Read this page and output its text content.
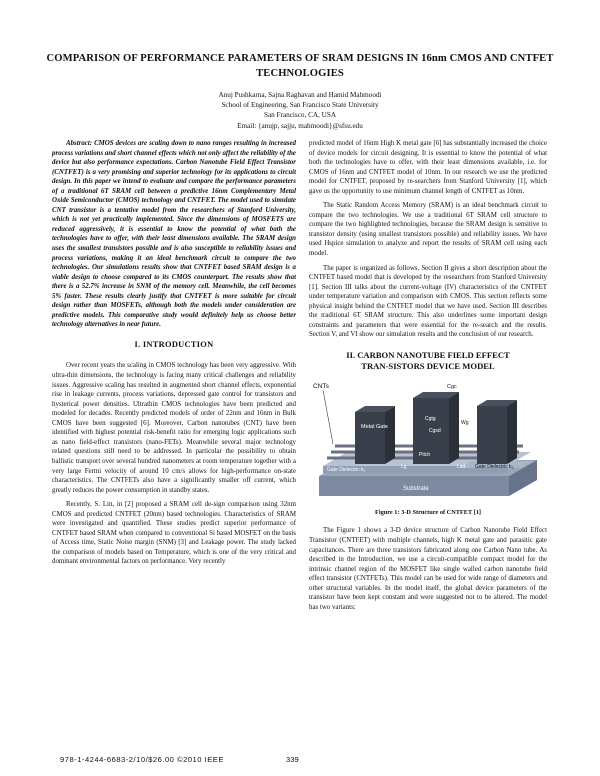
COMPARISON OF PERFORMANCE PARAMETERS OF SRAM DESIGNS IN 16nm CMOS AND CNTFET TECHNOLOGIES
Anuj Pushkarna, Sajna Raghavan and Hamid Mahmoodi
School of Engineering, San Francisco State University
San Francisco, CA, USA
Email: {anujp, sajju, mahmoodi}@sfsu.edu

Abstract: CMOS devices are scaling down to nano ranges resulting in increased process variations and short channel effects which not only affect the reliability of the device but also performance expectations. Carbon Nanotube Field Effect Transistor (CNTFET) is a very promising and superior technology for its applications to circuit design. In this paper we intend to evaluate and compare the performance parameters of a traditional 6T SRAM cell between a predictive 16nm Complementary Metal Oxide Semiconductor (CMOS) technology and CNTFET. The model used to simulate CNT transistor is a tentative model from the researchers of Stanford University, which is not yet practically implemented. Since the dimensions of MOSFETS are reduced aggressively, it is essential to know the potential of what both the technologies have to offer, with their least dimensions available. The SRAM design uses the smallest transistors possible and is also susceptible to reliability issues and process variations, making it an ideal benchmark circuit to compare the two technologies. Our simulations results show that CNTFET based SRAM design is a viable design to choose compared to its CMOS counterpart. The results show that there is a 52.7% increase in SNM of the memory cell. Meanwhile, the cell becomes 5% faster. These results clearly justify that CNTFET is more suitable for circuit design rather than MOSFETs, although both the models under consideration are predictive models. This comparative study would definitely help us choose better technology alternatives in near future.

I. INTRODUCTION

Over recent years the scaling in CMOS technology has been very aggressive. With ultra-thin dimensions, the technology is facing many critical challenges and reliability issues. Aggressive scaling has resulted in augmented short channel effects, exponential rise in leakage currents, process variations, depressed gate control for transistors and hysterical power densities. Ultrathin CMOS technologies have been predicted and modeled for decades. Recently predicted models of order of 22nm and 16nm in Bulk CMOS have been suggested [6]. Moreover, Carbon nanotubes (CNT) have been identified with highest potential risk-benefit ratio for emerging logic applications such as nano field-effect transistors (nano-FETs). Meanwhile several major technology related questions still need to be addressed. In particular the possibility to obtain ballistic transport over several hundred nanometers at room temperature together with a very large Fermi velocity of around 10 cm/s allows for high-performance on-state characteristics. The CNTFETs also have a significantly smaller off current, which greatly reduces the power consumption in standby states.

Recently, S. Lin, in [2] proposed a SRAM cell de-sign comparison using 32nm CMOS and predicted CNTFET (20nm) based technologies. Characteristics of SRAM were investigated and quantified. These studies predict superior performance of CNTFET based SRAM when compared to conventional Si based MOSFET on the basis of Access time, Static Noise margin (SNM) [3] and Leakage power. The study lacked the comparison of models based on Temperature, which is one of the very critical and dominant environmental factors on performance. Very recently

predicted model of 16nm High K metal gate [6] has substantially increased the choice of device models for circuit designing. It is essential to know the potential of what both the technologies have to offer, with their least dimensions available, i.e. for CMOS of 16nm and CNTFET model of 10nm. In our research we use the predicted model for CNTFET, proposed by re-searchers from Stanford University [1], which gave us the opportunity to use minimum channel length of CNTFET as 10nm.

The Static Random Access Memory (SRAM) is an ideal benchmark circuit to compare the two technologies. We use a traditional 6T SRAM cell structure to compare the two highlighted technologies, because the SRAM design is sensitive to transistor density (using smallest transistors possible) and reliability issues. We have used Hspice simulation to analyze and report the results of SRAM cell using each model.

The paper is organized as follows. Section II gives a short description about the CNTFET based model that is developed by the researchers from Stanford University [1]. Section III talks about the current-voltage (IV) characteristics of the CNTFET under temperature variation and comparison with CMOS. This section reflects some physical insight behind the CNTFET model that we have used. Section III describes the traditional 6T SRAM structure. This also underlines some important design constraints and parameters that were essential for the re-search and the results. Section V, and VI show our simulation results and the conclusion of our research.

II. CARBON NANOTUBE FIELD EFFECT
TRAN-SISTORS DEVICE MODEL
CNTs
Metal Gate
Cgc
Cgtg
Cgsd
Wg
Lg	Lsd
Pitch
Gate Dielectric k₁	Gate Dielectric k₂
Substrate
Figure 1: 3-D Structure of CNTFET [1]

The Figure 1 shows a 3-D device structure of Carbon Nanotube Field Effect Transistor (CNTFET) with multiple channels, high K metal gate and parasitic gate capacitances. There are three transistors fabricated along one Carbon Nano tube. As described in the Introduction, we use a circuit-compatible compact model for the intrinsic channel region of the MOSFET like single walled carbon nanotube field effect transistor (CNTFETs). This model can be used for wide range of diameters and other structural variables. In the model itself, the global device parameters of the transistor have been kept constant and were suggested not to be altered. The model has two variants:

978-1-4244-6683-2/10/$26.00 ©2010 IEEE	339
